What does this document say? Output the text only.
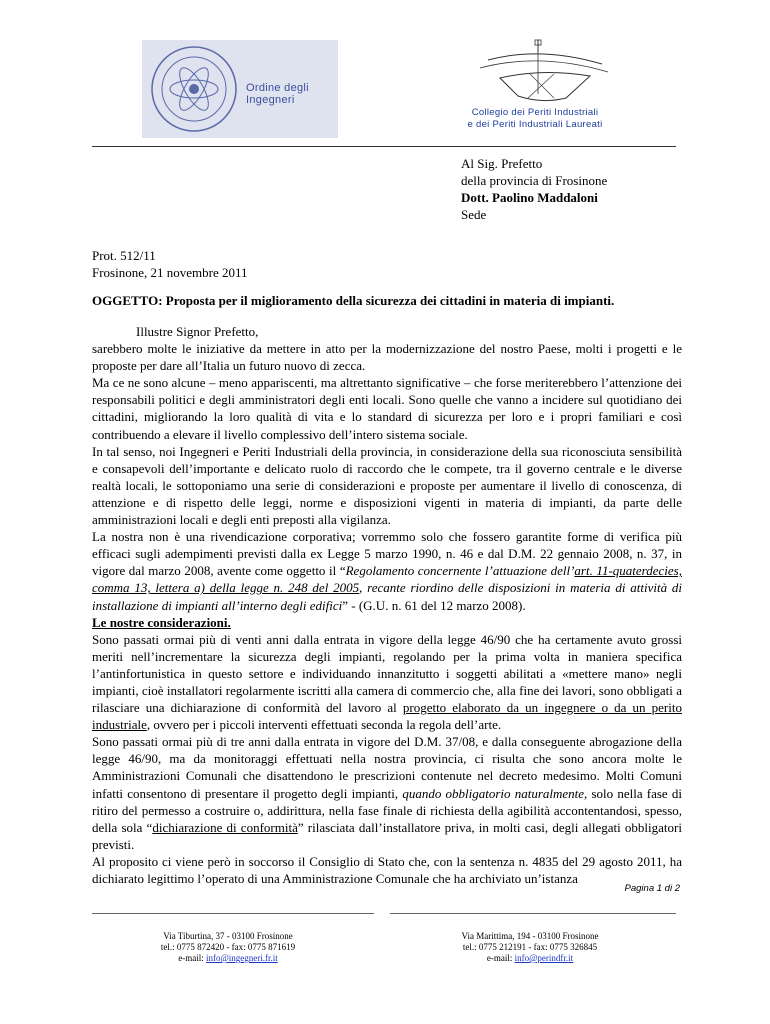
Ordine degli
Ingegneri
Collegio dei Periti Industriali
e dei Periti Industriali Laureati
Al Sig. Prefetto
della provincia di Frosinone
Dott. Paolino Maddaloni
Sede
Prot. 512/11
Frosinone, 21 novembre 2011
OGGETTO: Proposta per il miglioramento della sicurezza dei cittadini in materia di impianti.

Illustre Signor Prefetto,

sarebbero molte le iniziative da mettere in atto per la modernizzazione del nostro Paese, molti i progetti e le proposte per dare all’Italia un futuro nuovo di zecca.

Ma ce ne sono alcune – meno appariscenti, ma altrettanto significative – che forse meriterebbero l’attenzione dei responsabili politici e degli amministratori degli enti locali. Sono quelle che vanno a incidere sul quotidiano dei cittadini, migliorando la loro qualità di vita e lo standard di sicurezza per loro e i propri familiari e così contribuendo a elevare il livello complessivo dell’intero sistema sociale.

In tal senso, noi Ingegneri e Periti Industriali della provincia, in considerazione della sua riconosciuta sensibilità e consapevoli dell’importante e delicato ruolo di raccordo che le compete, tra il governo centrale e le diverse realtà locali, le sottoponiamo una serie di considerazioni e proposte per aumentare il livello di conoscenza, di attenzione e di rispetto delle leggi, norme e disposizioni vigenti in materia di impianti, da parte delle amministrazioni locali e degli enti preposti alla vigilanza.

La nostra non è una rivendicazione corporativa; vorremmo solo che fossero garantite forme di verifica più efficaci sugli adempimenti previsti dalla ex Legge 5 marzo 1990, n. 46 e dal D.M. 22 gennaio 2008, n. 37, in vigore dal marzo 2008, avente come oggetto il “Regolamento concernente l’attuazione dell’art. 11-quaterdecies, comma 13, lettera a) della legge n. 248 del 2005, recante riordino delle disposizioni in materia di attività di installazione di impianti all’interno degli edifici” - (G.U. n. 61 del 12 marzo 2008).

Le nostre considerazioni.

Sono passati ormai più di venti anni dalla entrata in vigore della legge 46/90 che ha certamente avuto grossi meriti nell’incrementare la sicurezza degli impianti, regolando per la prima volta in maniera specifica l’antinfortunistica in questo settore e individuando innanzitutto i soggetti abilitati a «mettere mano» negli impianti, cioè installatori regolarmente iscritti alla camera di commercio che, alla fine dei lavori, sono obbligati a rilasciare una dichiarazione di conformità del lavoro al progetto elaborato da un ingegnere o da un perito industriale, ovvero per i piccoli interventi effettuati seconda la regola dell’arte.

Sono passati ormai più di tre anni dalla entrata in vigore del D.M. 37/08, e dalla conseguente abrogazione della legge 46/90, ma da monitoraggi effettuati nella nostra provincia, ci risulta che sono ancora molte le Amministrazioni Comunali che disattendono le prescrizioni contenute nel decreto medesimo. Molti Comuni infatti consentono di presentare il progetto degli impianti, quando obbligatorio naturalmente, solo nella fase di ritiro del permesso a costruire o, addirittura, nella fase finale di richiesta della agibilità accontentandosi, spesso, della sola “dichiarazione di conformità” rilasciata dall’installatore priva, in molti casi, degli allegati obbligatori previsti.

Al proposito ci viene però in soccorso il Consiglio di Stato che, con la sentenza n. 4835 del 29 agosto 2011, ha dichiarato legittimo l’operato di una Amministrazione Comunale che ha archiviato un’istanza

Pagina 1 di 2
Via Tiburtina, 37 - 03100 Frosinone
tel.: 0775 872420 - fax: 0775 871619
e-mail: info@ingegneri.fr.it
Via Marittima, 194 - 03100 Frosinone
tel.: 0775 212191 - fax: 0775 326845
e-mail: info@perindfr.it
